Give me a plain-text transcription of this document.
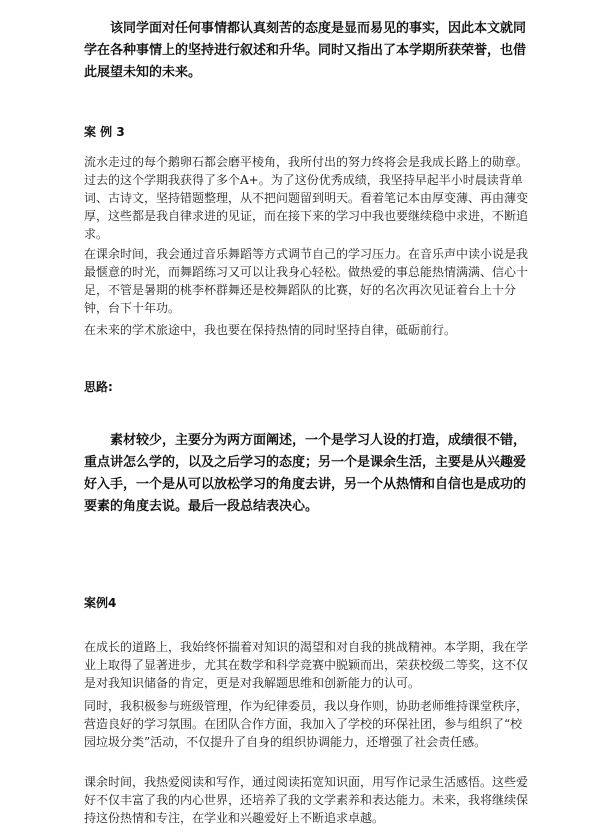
该同学面对任何事情都认真刻苦的态度是显而易见的事实，因此本文就同学在各种事情上的坚持进行叙述和升华。同时又指出了本学期所获荣誉，也借此展望未知的未来。

案 例 3

流水走过的每个鹅卵石都会磨平棱角，我所付出的努力终将会是我成长路上的勋章。过去的这个学期我获得了多个A+。为了这份优秀成绩，我坚持早起半小时晨读背单词、古诗文，坚持错题整理，从不把问题留到明天。看着笔记本由厚变薄、再由薄变厚，这些都是我自律求进的见证，而在接下来的学习中我也要继续稳中求进，不断追求。

在课余时间，我会通过音乐舞蹈等方式调节自己的学习压力。在音乐声中读小说是我最惬意的时光，而舞蹈练习又可以让我身心轻松。做热爱的事总能热情满满、信心十足，不管是暑期的桃李杯群舞还是校舞蹈队的比赛，好的名次再次见证着台上十分钟，台下十年功。

在未来的学术旅途中，我也要在保持热情的同时坚持自律，砥砺前行。

思路:

素材较少，主要分为两方面阐述，一个是学习人设的打造，成绩很不错，重点讲怎么学的，以及之后学习的态度；另一个是课余生活，主要是从兴趣爱好入手，一个是从可以放松学习的角度去讲，另一个从热情和自信也是成功的要素的角度去说。最后一段总结表决心。

案例4

在成长的道路上，我始终怀揣着对知识的渴望和对自我的挑战精神。本学期，我在学业上取得了显著进步，尤其在数学和科学竞赛中脱颖而出，荣获校级二等奖，这不仅是对我知识储备的肯定，更是对我解题思维和创新能力的认可。

同时，我积极参与班级管理，作为纪律委员，我以身作则，协助老师维持课堂秩序，营造良好的学习氛围。在团队合作方面，我加入了学校的环保社团，参与组织了“校园垃圾分类”活动，不仅提升了自身的组织协调能力，还增强了社会责任感。

课余时间，我热爱阅读和写作，通过阅读拓宽知识面，用写作记录生活感悟。这些爱好不仅丰富了我的内心世界，还培养了我的文学素养和表达能力。未来，我将继续保持这份热情和专注，在学业和兴趣爱好上不断追求卓越。
